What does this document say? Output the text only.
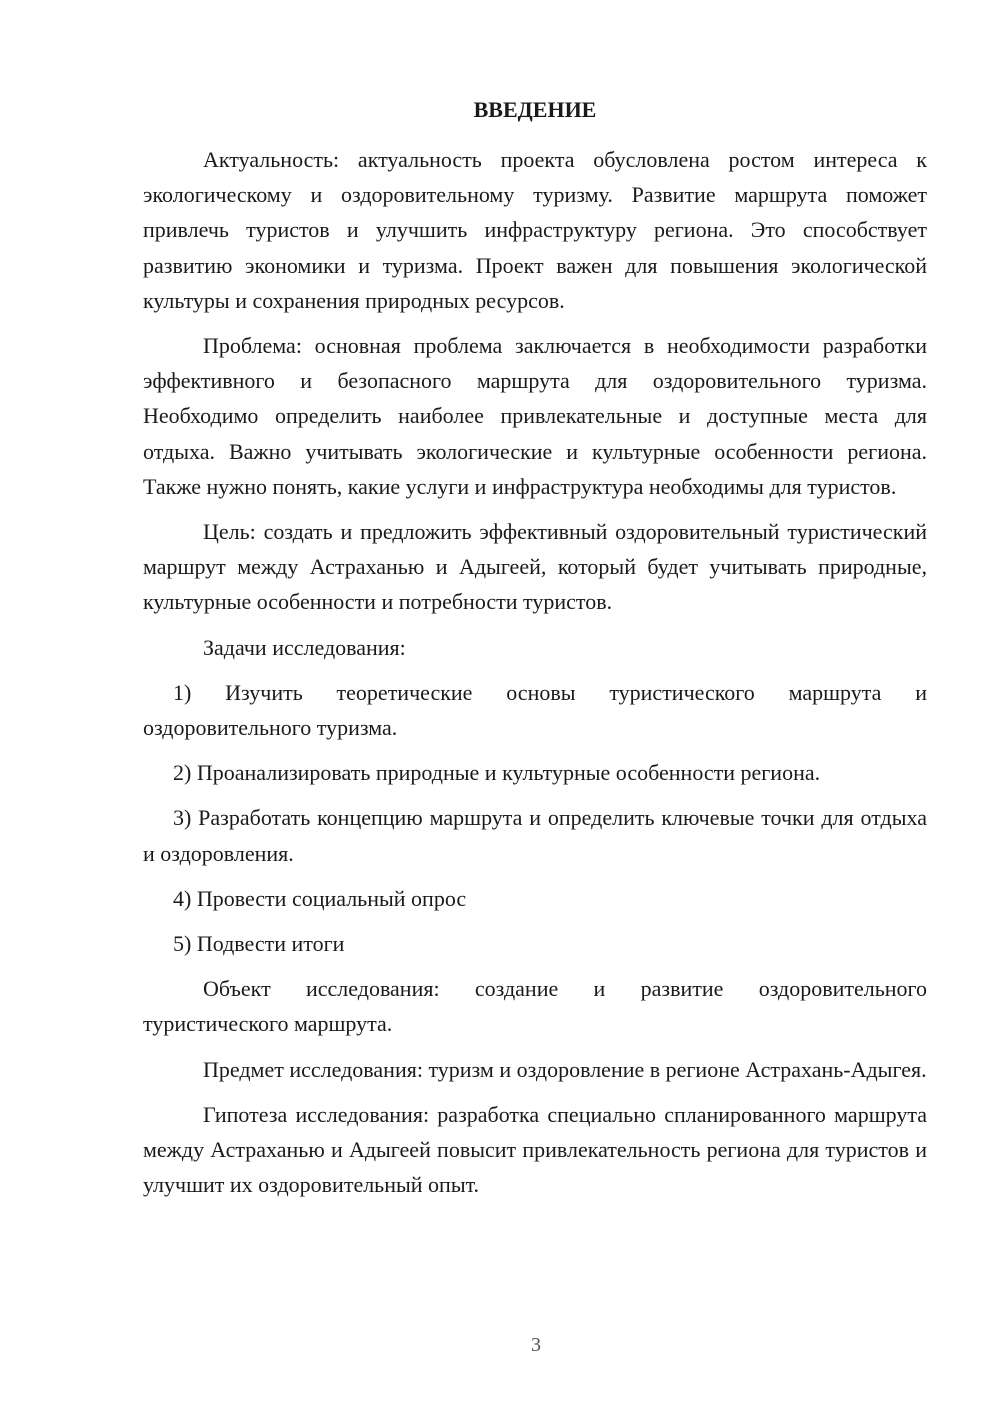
ВВЕДЕНИЕ

Актуальность: актуальность проекта обусловлена ростом интереса к экологическому и оздоровительному туризму. Развитие маршрута поможет привлечь туристов и улучшить инфраструктуру региона. Это способствует развитию экономики и туризма. Проект важен для повышения экологической культуры и сохранения природных ресурсов.

Проблема: основная проблема заключается в необходимости разработки эффективного и безопасного маршрута для оздоровительного туризма. Необходимо определить наиболее привлекательные и доступные места для отдыха. Важно учитывать экологические и культурные особенности региона. Также нужно понять, какие услуги и инфраструктура необходимы для туристов.

Цель: создать и предложить эффективный оздоровительный туристический маршрут между Астраханью и Адыгеей, который будет учитывать природные, культурные особенности и потребности туристов.

Задачи исследования:

1) Изучить теоретические основы туристического маршрута и оздоровительного туризма.

2) Проанализировать природные и культурные особенности региона.

3) Разработать концепцию маршрута и определить ключевые точки для отдыха и оздоровления.

4) Провести социальный опрос

5) Подвести итоги

Объект исследования: создание и развитие оздоровительного туристического маршрута.

Предмет исследования: туризм и оздоровление в регионе Астрахань-Адыгея.

Гипотеза исследования: разработка специально спланированного маршрута между Астраханью и Адыгеей повысит привлекательность региона для туристов и улучшит их оздоровительный опыт.

3
